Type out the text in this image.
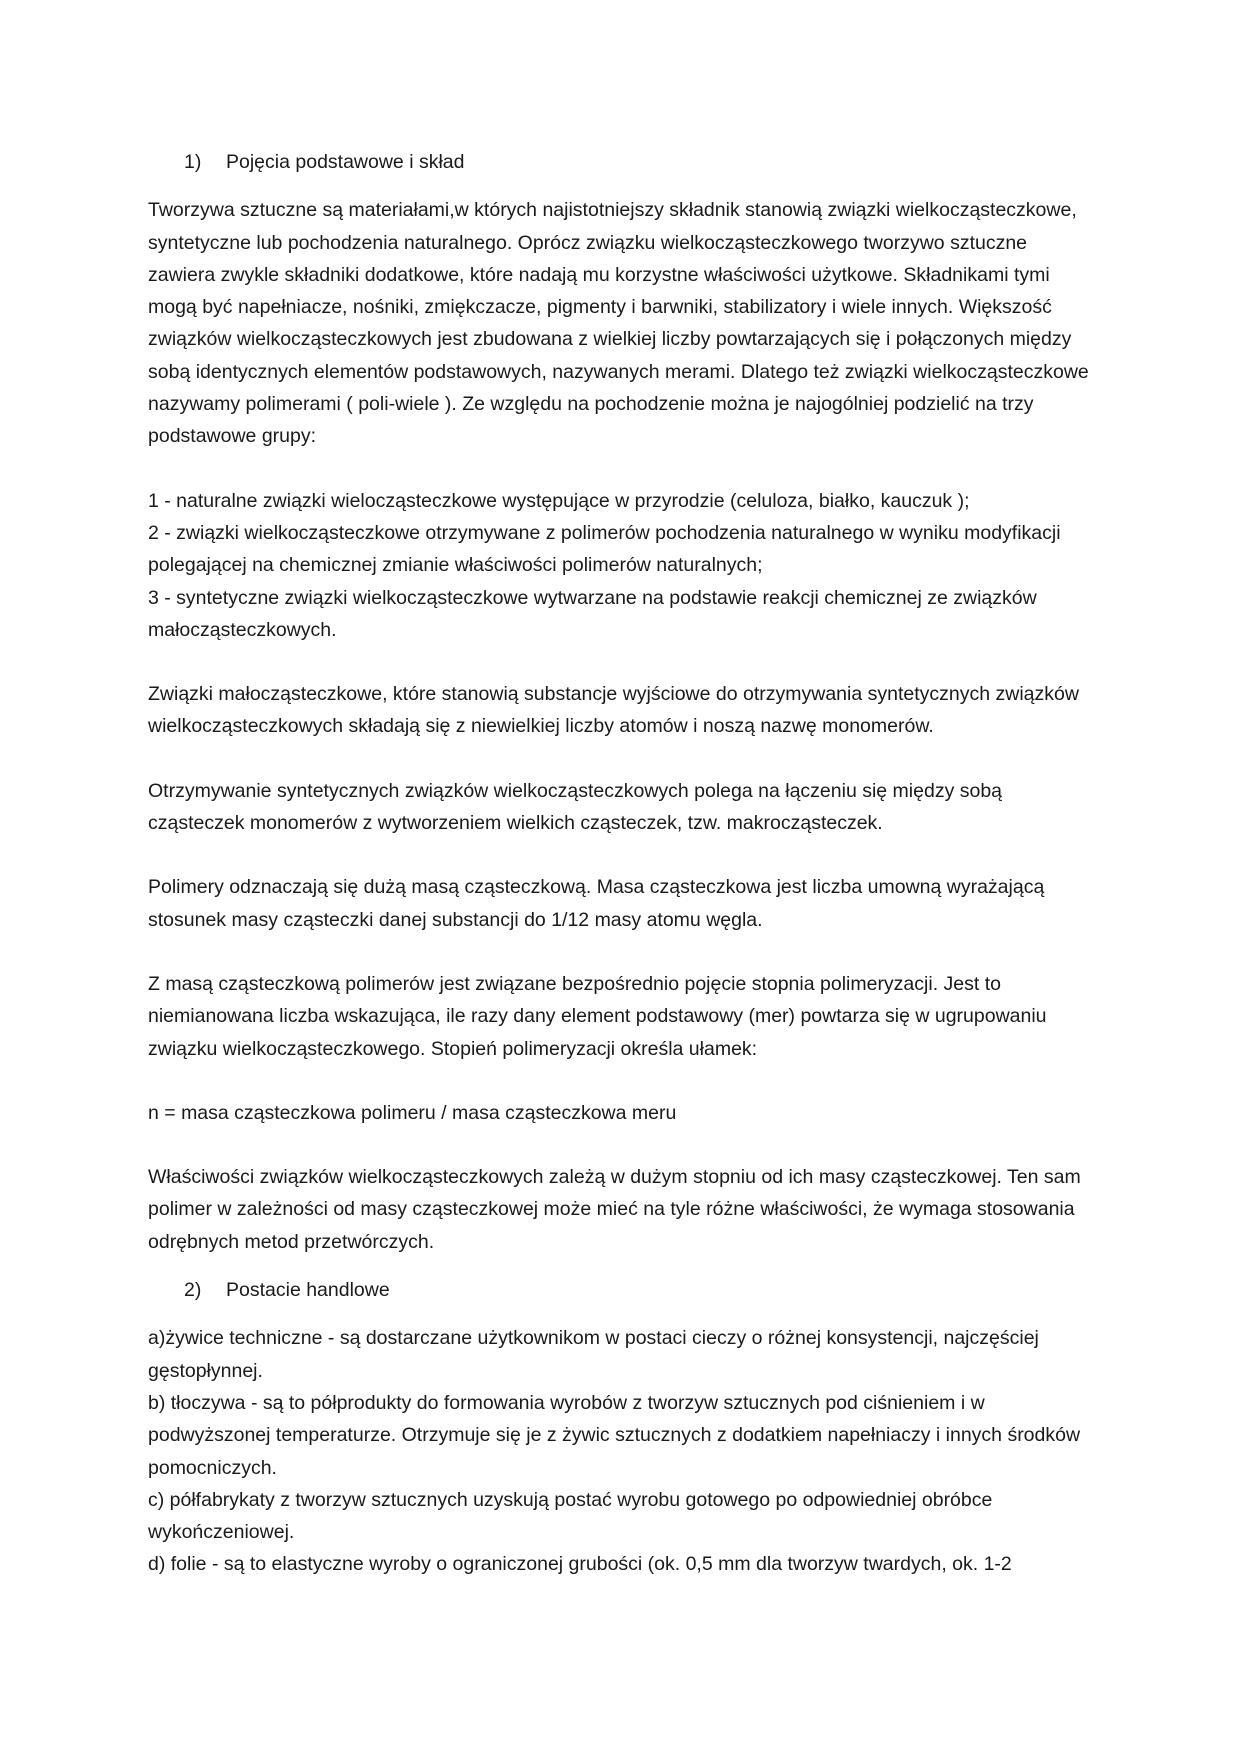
1) Pojęcia podstawowe i skład

Tworzywa sztuczne są materiałami,w których najistotniejszy składnik stanowią związki wielkocząsteczkowe, syntetyczne lub pochodzenia naturalnego. Oprócz związku wielkocząsteczkowego tworzywo sztuczne zawiera zwykle składniki dodatkowe, które nadają mu korzystne właściwości użytkowe. Składnikami tymi mogą być napełniacze, nośniki, zmiękczacze, pigmenty i barwniki, stabilizatory i wiele innych. Większość związków wielkocząsteczkowych jest zbudowana z wielkiej liczby powtarzających się i połączonych między sobą identycznych elementów podstawowych, nazywanych merami. Dlatego też związki wielkocząsteczkowe nazywamy polimerami ( poli-wiele ). Ze względu na pochodzenie można je najogólniej podzielić na trzy podstawowe grupy:

1 - naturalne związki wielocząsteczkowe występujące w przyrodzie (celuloza, białko, kauczuk );

2 - związki wielkocząsteczkowe otrzymywane z polimerów pochodzenia naturalnego w wyniku modyfikacji polegającej na chemicznej zmianie właściwości polimerów naturalnych;

3 - syntetyczne związki wielkocząsteczkowe wytwarzane na podstawie reakcji chemicznej ze związków małocząsteczkowych.

Związki małocząsteczkowe, które stanowią substancje wyjściowe do otrzymywania syntetycznych związków wielkocząsteczkowych składają się z niewielkiej liczby atomów i noszą nazwę monomerów.

Otrzymywanie syntetycznych związków wielkocząsteczkowych polega na łączeniu się między sobą cząsteczek monomerów z wytworzeniem wielkich cząsteczek, tzw. makrocząsteczek.

Polimery odznaczają się dużą masą cząsteczkową. Masa cząsteczkowa jest liczba umowną wyrażającą stosunek masy cząsteczki danej substancji do 1/12 masy atomu węgla.

Z masą cząsteczkową polimerów jest związane bezpośrednio pojęcie stopnia polimeryzacji. Jest to niemianowana liczba wskazująca, ile razy dany element podstawowy (mer) powtarza się w ugrupowaniu związku wielkocząsteczkowego. Stopień polimeryzacji określa ułamek:

n = masa cząsteczkowa polimeru / masa cząsteczkowa meru

Właściwości związków wielkocząsteczkowych zależą w dużym stopniu od ich masy cząsteczkowej. Ten sam polimer w zależności od masy cząsteczkowej może mieć na tyle różne właściwości, że wymaga stosowania odrębnych metod przetwórczych.

2) Postacie handlowe

a)żywice techniczne - są dostarczane użytkownikom w postaci cieczy o różnej konsystencji, najczęściej gęstopłynnej.

b) tłoczywa - są to półprodukty do formowania wyrobów z tworzyw sztucznych pod ciśnieniem i w podwyższonej temperaturze. Otrzymuje się je z żywic sztucznych z dodatkiem napełniaczy i innych środków pomocniczych.

c) półfabrykaty z tworzyw sztucznych uzyskują postać wyrobu gotowego po odpowiedniej obróbce wykończeniowej.

d) folie - są to elastyczne wyroby o ograniczonej grubości (ok. 0,5 mm dla tworzyw twardych, ok. 1-2
